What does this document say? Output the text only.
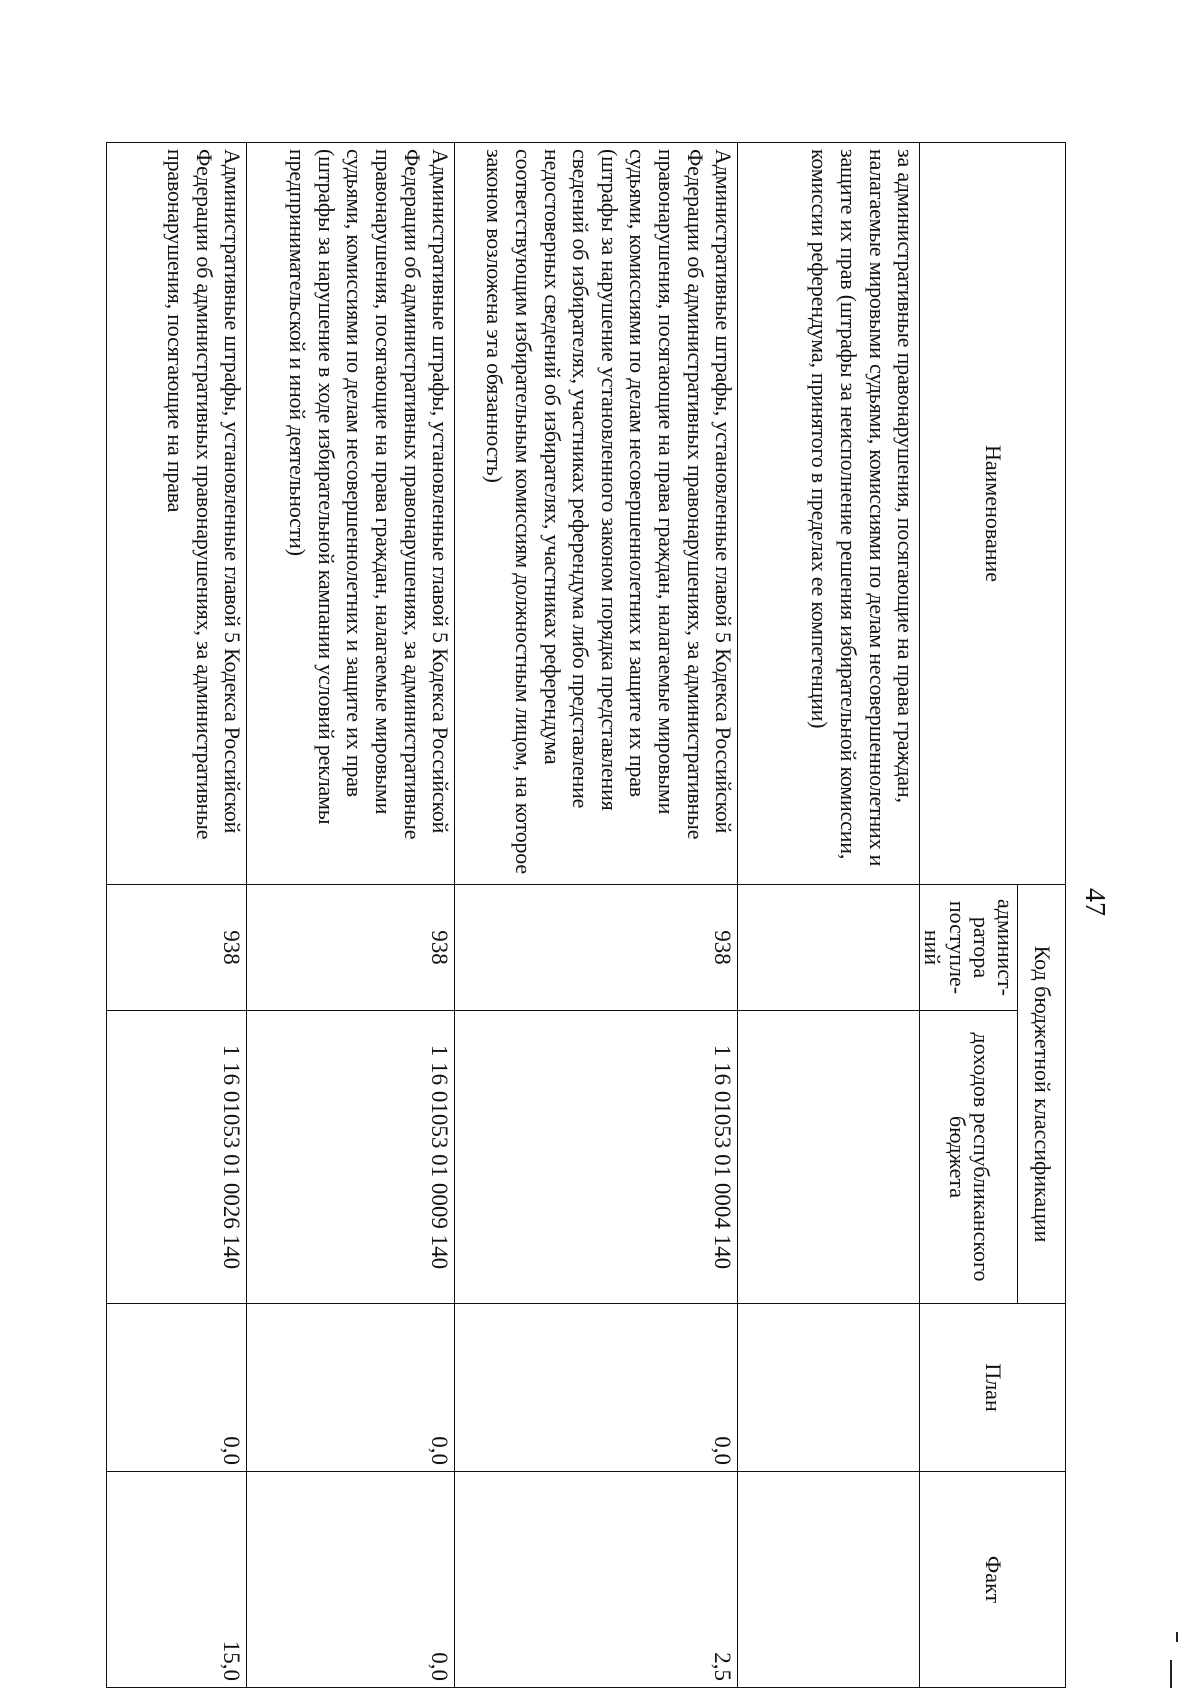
47
Наименование	Код бюджетной классификации		План	Факт
	админист-ратора поступле-ний	доходов республиканского бюджета		
за административные правонарушения, посягающие на права граждан, налагаемые мировыми судьями, комиссиями по делам несовершеннолетних и защите их прав (штрафы за неисполнение решения избирательной комиссии, комиссии референдума, принятого в пределах ее компетенции)				
Административные штрафы, установленные главой 5 Кодекса Российской Федерации об административных правонарушениях, за административные правонарушения, посягающие на права граждан, налагаемые мировыми судьями, комиссиями по делам несовершеннолетних и защите их прав (штрафы за нарушение установленного законом порядка представления сведений об избирателях, участниках референдума либо представление недостоверных сведений об избирателях, участниках референдума соответствующим избирательным комиссиям должностным лицом, на которое законом возложена эта обязанность)	938	1 16 01053 01 0004 140	0,0	2,5
Административные штрафы, установленные главой 5 Кодекса Российской Федерации об административных правонарушениях, за административные правонарушения, посягающие на права граждан, налагаемые мировыми судьями, комиссиями по делам несовершеннолетних и защите их прав (штрафы за нарушение в ходе избирательной кампании условий рекламы предпринимательской и иной деятельности)	938	1 16 01053 01 0009 140	0,0	0,0
Административные штрафы, установленные главой 5 Кодекса Российской Федерации об административных правонарушениях, за административные правонарушения, посягающие на права	938	1 16 01053 01 0026 140	0,0	15,0
